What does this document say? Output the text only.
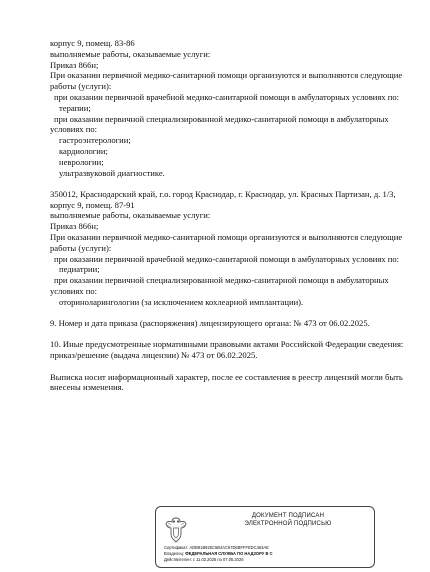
корпус 9, помещ. 83-86
выполняемые работы, оказываемые услуги:
Приказ 866н;
При оказании первичной медико-санитарной помощи организуются и выполняются следующие
работы (услуги):
при оказании первичной врачебной медико-санитарной помощи в амбулаторных условиях по:
терапии;
при оказании первичной специализированной медико-санитарной помощи в амбулаторных
условиях по:
гастроэнтерологии;
кардиологии;
неврологии;
ультразвуковой диагностике.
350012, Краснодарский край, г.о. город Краснодар, г. Краснодар, ул. Красных Партизан, д. 1/3,
корпус 9, помещ. 87-91
выполняемые работы, оказываемые услуги:
Приказ 866н;
При оказании первичной медико-санитарной помощи организуются и выполняются следующие
работы (услуги):
при оказании первичной врачебной медико-санитарной помощи в амбулаторных условиях по:
педиатрии;
при оказании первичной специализированной медико-санитарной помощи в амбулаторных
условиях по:
оториноларингологии (за исключением кохлеарной имплантации).
9. Номер и дата приказа (распоряжения) лицензирующего органа: № 473 от 06.02.2025.
10. Иные предусмотренные нормативными правовыми актами Российской Федерации сведения:
приказ/решение (выдача лицензии) № 473 от 06.02.2025.
Выписка носит информационный характер, после ее составления в реестр лицензий могли быть
внесены изменения.
ДОКУМЕНТ ПОДПИСАН
ЭЛЕКТРОННОЙ ПОДПИСЬЮ
Сертификат: ADB91B925C5B4AC67D6BFFFEDC463AE
Владелец: ФЕДЕРАЛЬНАЯ СЛУЖБА ПО НАДЗОРУ В С
Действителен: с 11.02.2025 по 07.05.2026
